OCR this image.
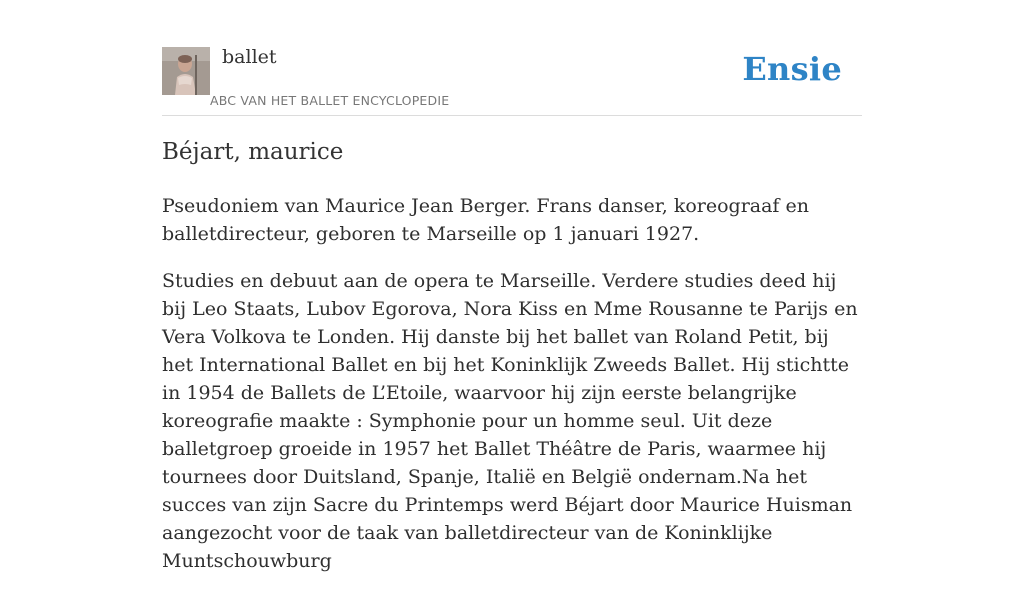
ballet
ABC VAN HET BALLET ENCYCLOPEDIE
Ensie
Béjart, maurice

Pseudoniem van Maurice Jean Berger. Frans danser, koreograaf en balletdirecteur, geboren te Marseille op 1 januari 1927.

Studies en debuut aan de opera te Marseille. Verdere studies deed hij bij Leo Staats, Lubov Egorova, Nora Kiss en Mme Rousanne te Parijs en Vera Volkova te Londen. Hij danste bij het ballet van Roland Petit, bij het International Ballet en bij het Koninklijk Zweeds Ballet. Hij stichtte in 1954 de Ballets de L’Etoile, waarvoor hij zijn eerste belangrijke koreografie maakte : Symphonie pour un homme seul. Uit deze balletgroep groeide in 1957 het Ballet Théâtre de Paris, waarmee hij tournees door Duitsland, Spanje, Italië en België ondernam.Na het succes van zijn Sacre du Printemps werd Béjart door Maurice Huisman aangezocht voor de taak van balletdirecteur van de Koninklijke Muntschouwburg
